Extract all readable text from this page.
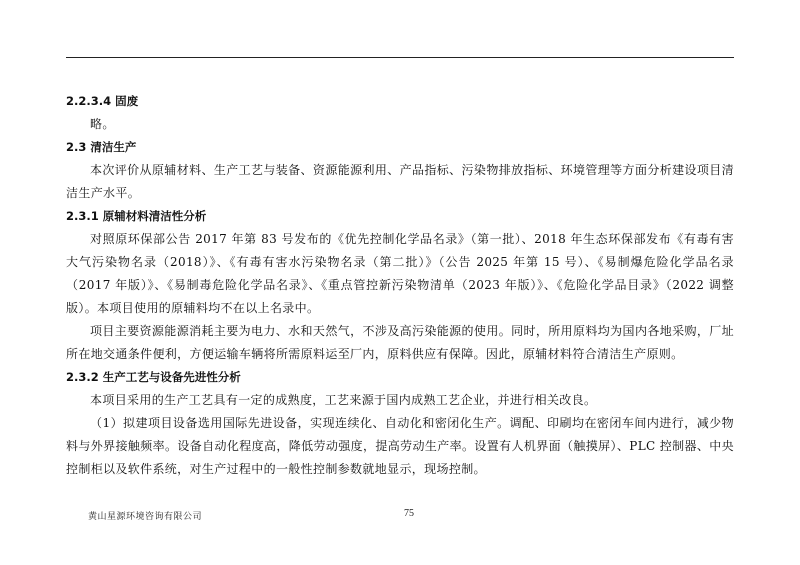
2.2.3.4 固废

略。

2.3 清洁生产

本次评价从原辅材料、生产工艺与装备、资源能源利用、产品指标、污染物排放指标、环境管理等方面分析建设项目清洁生产水平。

2.3.1 原辅材料清洁性分析

对照原环保部公告 2017 年第 83 号发布的《优先控制化学品名录》（第一批）、2018 年生态环保部发布《有毒有害大气污染物名录（2018）》、《有毒有害水污染物名录（第二批）》（公告 2025 年第 15 号）、《易制爆危险化学品名录（2017 年版）》、《易制毒危险化学品名录》、《重点管控新污染物清单（2023 年版）》、《危险化学品目录》（2022 调整版）。本项目使用的原辅料均不在以上名录中。

项目主要资源能源消耗主要为电力、水和天然气，不涉及高污染能源的使用。同时，所用原料均为国内各地采购，厂址所在地交通条件便利，方便运输车辆将所需原料运至厂内，原料供应有保障。因此，原辅材料符合清洁生产原则。

2.3.2 生产工艺与设备先进性分析

本项目采用的生产工艺具有一定的成熟度，工艺来源于国内成熟工艺企业，并进行相关改良。

（1）拟建项目设备选用国际先进设备，实现连续化、自动化和密闭化生产。调配、印刷均在密闭车间内进行，减少物料与外界接触频率。设备自动化程度高，降低劳动强度，提高劳动生产率。设置有人机界面（触摸屏）、PLC 控制器、中央控制柜以及软件系统，对生产过程中的一般性控制参数就地显示，现场控制。

黄山星源环境咨询有限公司	75
